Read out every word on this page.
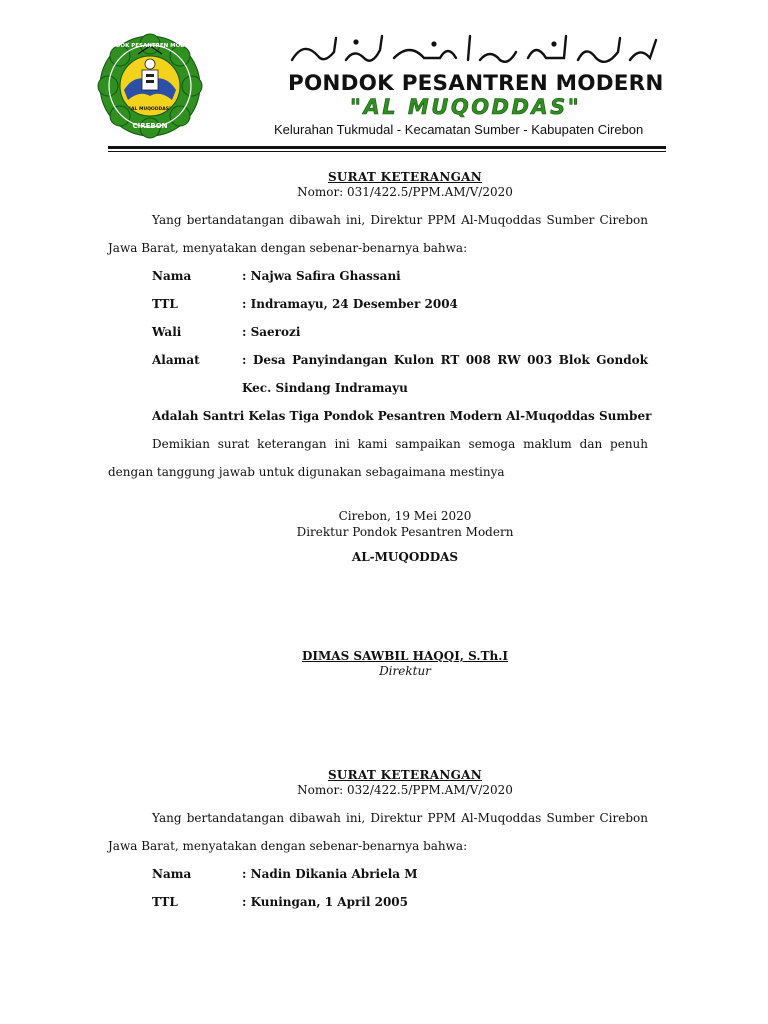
PONDOK PESANTREN MODERN
"AL MUQODDAS"
CIREBON
PONDOK PESANTREN MODERN
"AL MUQODDAS"
Kelurahan Tukmudal - Kecamatan Sumber - Kabupaten Cirebon
SURAT KETERANGAN
Nomor: 031/422.5/PPM.AM/V/2020
Yang bertandatangan dibawah ini, Direktur PPM Al-Muqoddas Sumber Cirebon
Jawa Barat, menyatakan dengan sebenar-benarnya bahwa:
Nama	: Najwa Safira Ghassani
TTL	: Indramayu, 24 Desember 2004
Wali	: Saerozi
Alamat	: Desa Panyindangan Kulon RT 008 RW 003 Blok Gondok
Kec. Sindang Indramayu
Adalah Santri Kelas Tiga Pondok Pesantren Modern Al-Muqoddas Sumber
Demikian surat keterangan ini kami sampaikan semoga maklum dan penuh
dengan tanggung jawab untuk digunakan sebagaimana mestinya
Cirebon, 19 Mei 2020
Direktur Pondok Pesantren Modern
AL-MUQODDAS
DIMAS SAWBIL HAQQI, S.Th.I
Direktur
SURAT KETERANGAN
Nomor: 032/422.5/PPM.AM/V/2020
Yang bertandatangan dibawah ini, Direktur PPM Al-Muqoddas Sumber Cirebon
Jawa Barat, menyatakan dengan sebenar-benarnya bahwa:
Nama	: Nadin Dikania Abriela M
TTL	: Kuningan, 1 April 2005
